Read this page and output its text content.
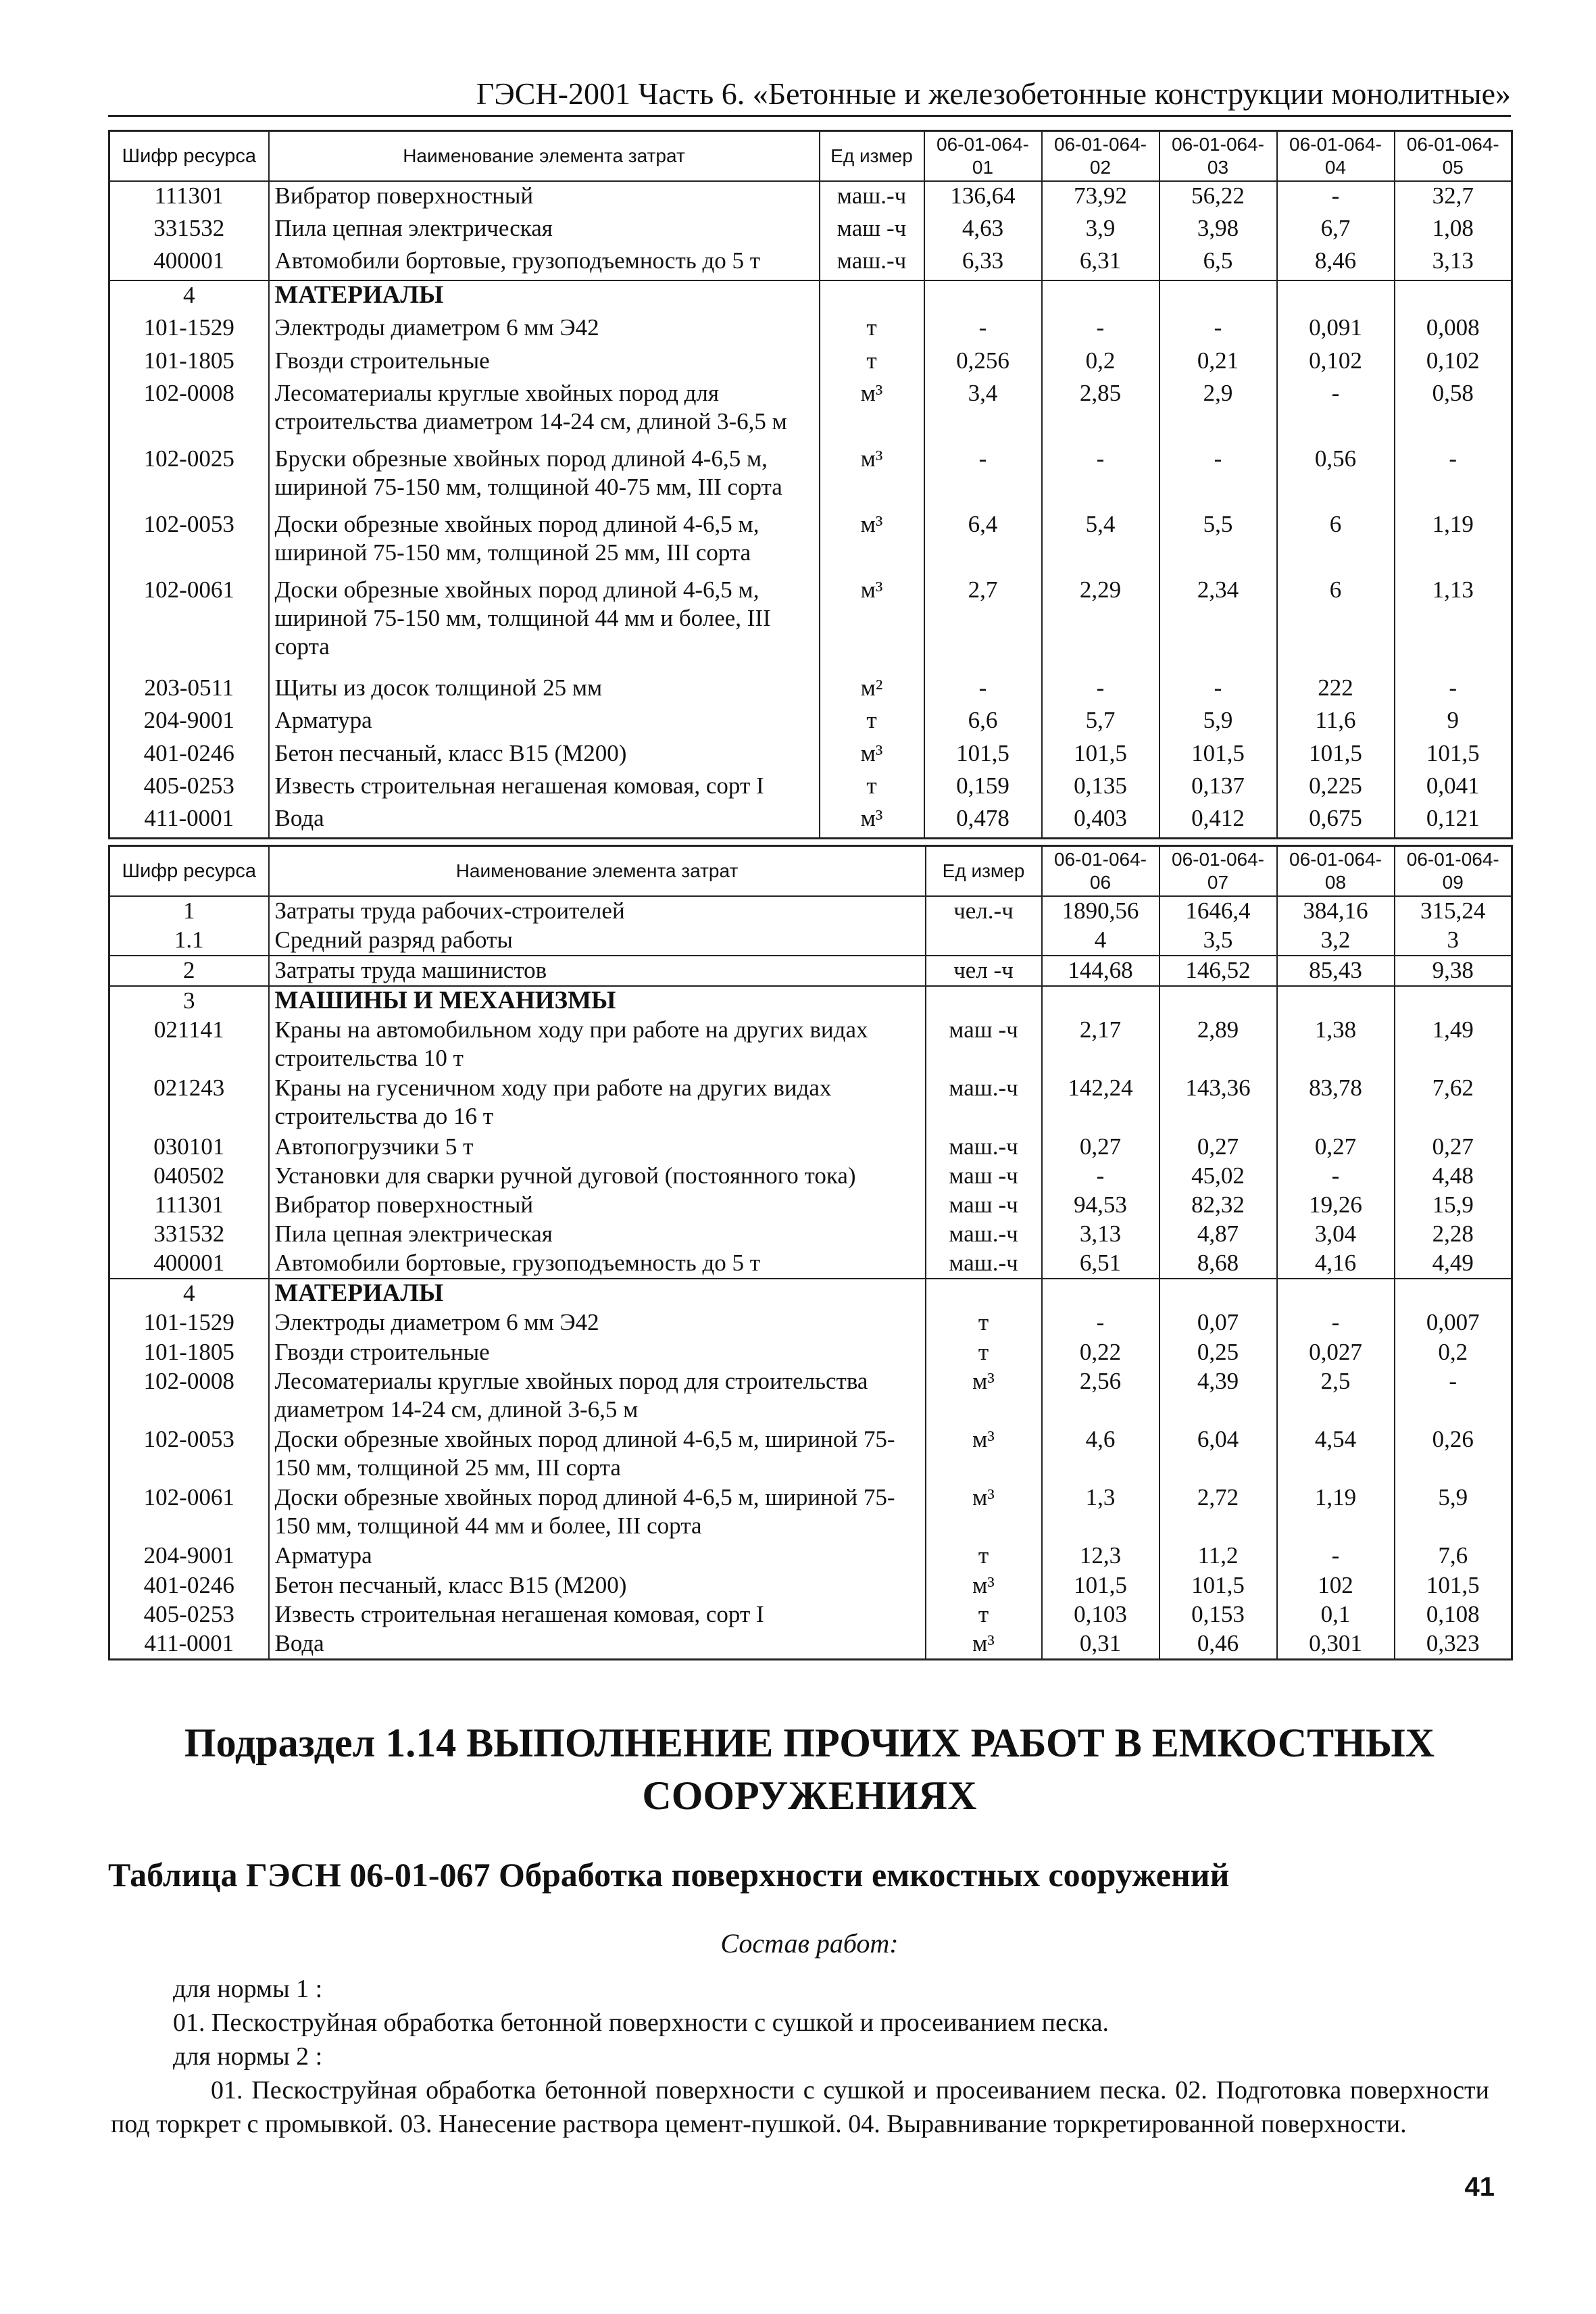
ГЭСН-2001 Часть 6. «Бетонные и железобетонные конструкции монолитные»
Шифр ресурса	Наименование элемента затрат	Ед измер	06-01-064-01	06-01-064-02	06-01-064-03	06-01-064-04	06-01-064-05
111301	Вибратор поверхностный	маш.-ч	136,64	73,92	56,22	-	32,7
331532	Пила цепная электрическая	маш -ч	4,63	3,9	3,98	6,7	1,08
400001	Автомобили бортовые, грузоподъемность до 5 т	маш.-ч	6,33	6,31	6,5	8,46	3,13
4	МАТЕРИАЛЫ						
101-1529	Электроды диаметром 6 мм Э42	т	-	-	-	0,091	0,008
101-1805	Гвозди строительные	т	0,256	0,2	0,21	0,102	0,102
102-0008	Лесоматериалы круглые хвойных пород для строительства диаметром 14-24 см, длиной 3-6,5 м	м³	3,4	2,85	2,9	-	0,58
102-0025	Бруски обрезные хвойных пород длиной 4-6,5 м, шириной 75-150 мм, толщиной 40-75 мм, III сорта	м³	-	-	-	0,56	-
102-0053	Доски обрезные хвойных пород длиной 4-6,5 м, шириной 75-150 мм, толщиной 25 мм, III сорта	м³	6,4	5,4	5,5	6	1,19
102-0061	Доски обрезные хвойных пород длиной 4-6,5 м, шириной 75-150 мм, толщиной 44 мм и более, III сорта	м³	2,7	2,29	2,34	6	1,13
203-0511	Щиты из досок толщиной 25 мм	м²	-	-	-	222	-
204-9001	Арматура	т	6,6	5,7	5,9	11,6	9
401-0246	Бетон песчаный, класс В15 (М200)	м³	101,5	101,5	101,5	101,5	101,5
405-0253	Известь строительная негашеная комовая, сорт I	т	0,159	0,135	0,137	0,225	0,041
411-0001	Вода	м³	0,478	0,403	0,412	0,675	0,121
Шифр ресурса	Наименование элемента затрат	Ед измер	06-01-064-06	06-01-064-07	06-01-064-08	06-01-064-09
1	Затраты труда рабочих-строителей	чел.-ч	1890,56	1646,4	384,16	315,24
1.1	Средний разряд работы		4	3,5	3,2	3
2	Затраты труда машинистов	чел -ч	144,68	146,52	85,43	9,38
3	МАШИНЫ И МЕХАНИЗМЫ					
021141	Краны на автомобильном ходу при работе на других видах строительства 10 т	маш -ч	2,17	2,89	1,38	1,49
021243	Краны на гусеничном ходу при работе на других видах строительства до 16 т	маш.-ч	142,24	143,36	83,78	7,62
030101	Автопогрузчики 5 т	маш.-ч	0,27	0,27	0,27	0,27
040502	Установки для сварки ручной дуговой (постоянного тока)	маш -ч	-	45,02	-	4,48
111301	Вибратор поверхностный	маш -ч	94,53	82,32	19,26	15,9
331532	Пила цепная электрическая	маш.-ч	3,13	4,87	3,04	2,28
400001	Автомобили бортовые, грузоподъемность до 5 т	маш.-ч	6,51	8,68	4,16	4,49
4	МАТЕРИАЛЫ					
101-1529	Электроды диаметром 6 мм Э42	т	-	0,07	-	0,007
101-1805	Гвозди строительные	т	0,22	0,25	0,027	0,2
102-0008	Лесоматериалы круглые хвойных пород для строительства диаметром 14-24 см, длиной 3-6,5 м	м³	2,56	4,39	2,5	-
102-0053	Доски обрезные хвойных пород длиной 4-6,5 м, шириной 75-150 мм, толщиной 25 мм, III сорта	м³	4,6	6,04	4,54	0,26
102-0061	Доски обрезные хвойных пород длиной 4-6,5 м, шириной 75-150 мм, толщиной 44 мм и более, III сорта	м³	1,3	2,72	1,19	5,9
204-9001	Арматура	т	12,3	11,2	-	7,6
401-0246	Бетон песчаный, класс В15 (М200)	м³	101,5	101,5	102	101,5
405-0253	Известь строительная негашеная комовая, сорт I	т	0,103	0,153	0,1	0,108
411-0001	Вода	м³	0,31	0,46	0,301	0,323
Подраздел 1.14 ВЫПОЛНЕНИЕ ПРОЧИХ РАБОТ В ЕМКОСТНЫХ СООРУЖЕНИЯХ
Таблица ГЭСН 06-01-067 Обработка поверхности емкостных сооружений
Состав работ:

для нормы 1 :

01. Пескоструйная обработка бетонной поверхности с сушкой и просеиванием песка.

для нормы 2 :

01. Пескоструйная обработка бетонной поверхности с сушкой и просеиванием песка. 02. Подготовка поверхности под торкрет с промывкой. 03. Нанесение раствора цемент-пушкой. 04. Выравнивание торкретированной поверхности.

41
